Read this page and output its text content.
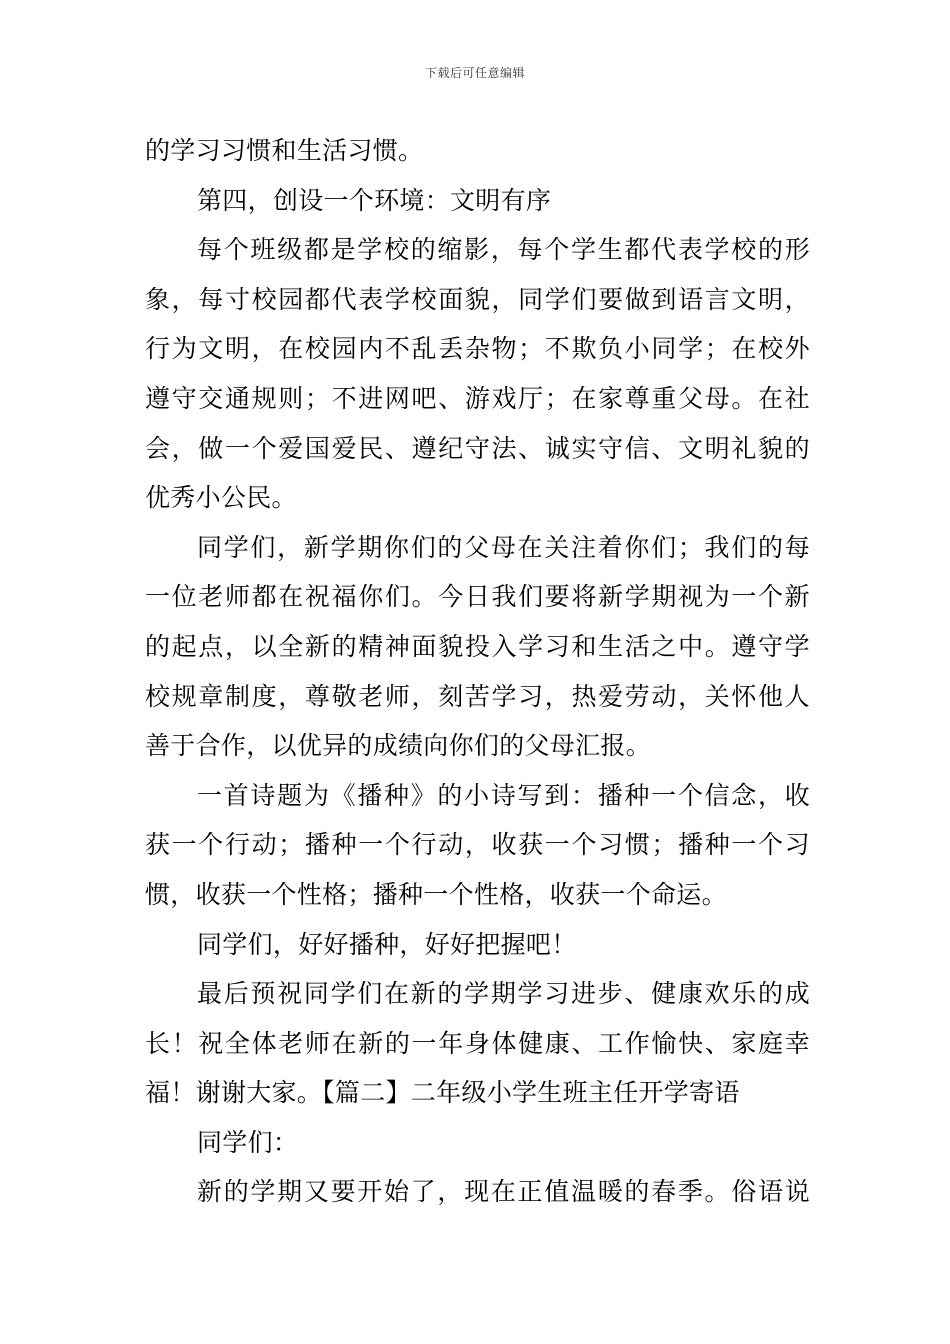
下载后可任意编辑
的学习习惯和生活习惯。
第四，创设一个环境：文明有序
每个班级都是学校的缩影，每个学生都代表学校的形
象，每寸校园都代表学校面貌，同学们要做到语言文明，
行为文明，在校园内不乱丢杂物；不欺负小同学；在校外
遵守交通规则；不进网吧、游戏厅；在家尊重父母。在社
会，做一个爱国爱民、遵纪守法、诚实守信、文明礼貌的
优秀小公民。
同学们，新学期你们的父母在关注着你们；我们的每
一位老师都在祝福你们。今日我们要将新学期视为一个新
的起点，以全新的精神面貌投入学习和生活之中。遵守学
校规章制度，尊敬老师，刻苦学习，热爱劳动，关怀他人
善于合作，以优异的成绩向你们的父母汇报。
一首诗题为《播种》的小诗写到：播种一个信念，收
获一个行动；播种一个行动，收获一个习惯；播种一个习
惯，收获一个性格；播种一个性格，收获一个命运。
同学们，好好播种，好好把握吧！
最后预祝同学们在新的学期学习进步、健康欢乐的成
长！祝全体老师在新的一年身体健康、工作愉快、家庭幸
福！谢谢大家。【篇二】二年级小学生班主任开学寄语
同学们：
新的学期又要开始了，现在正值温暖的春季。俗语说
